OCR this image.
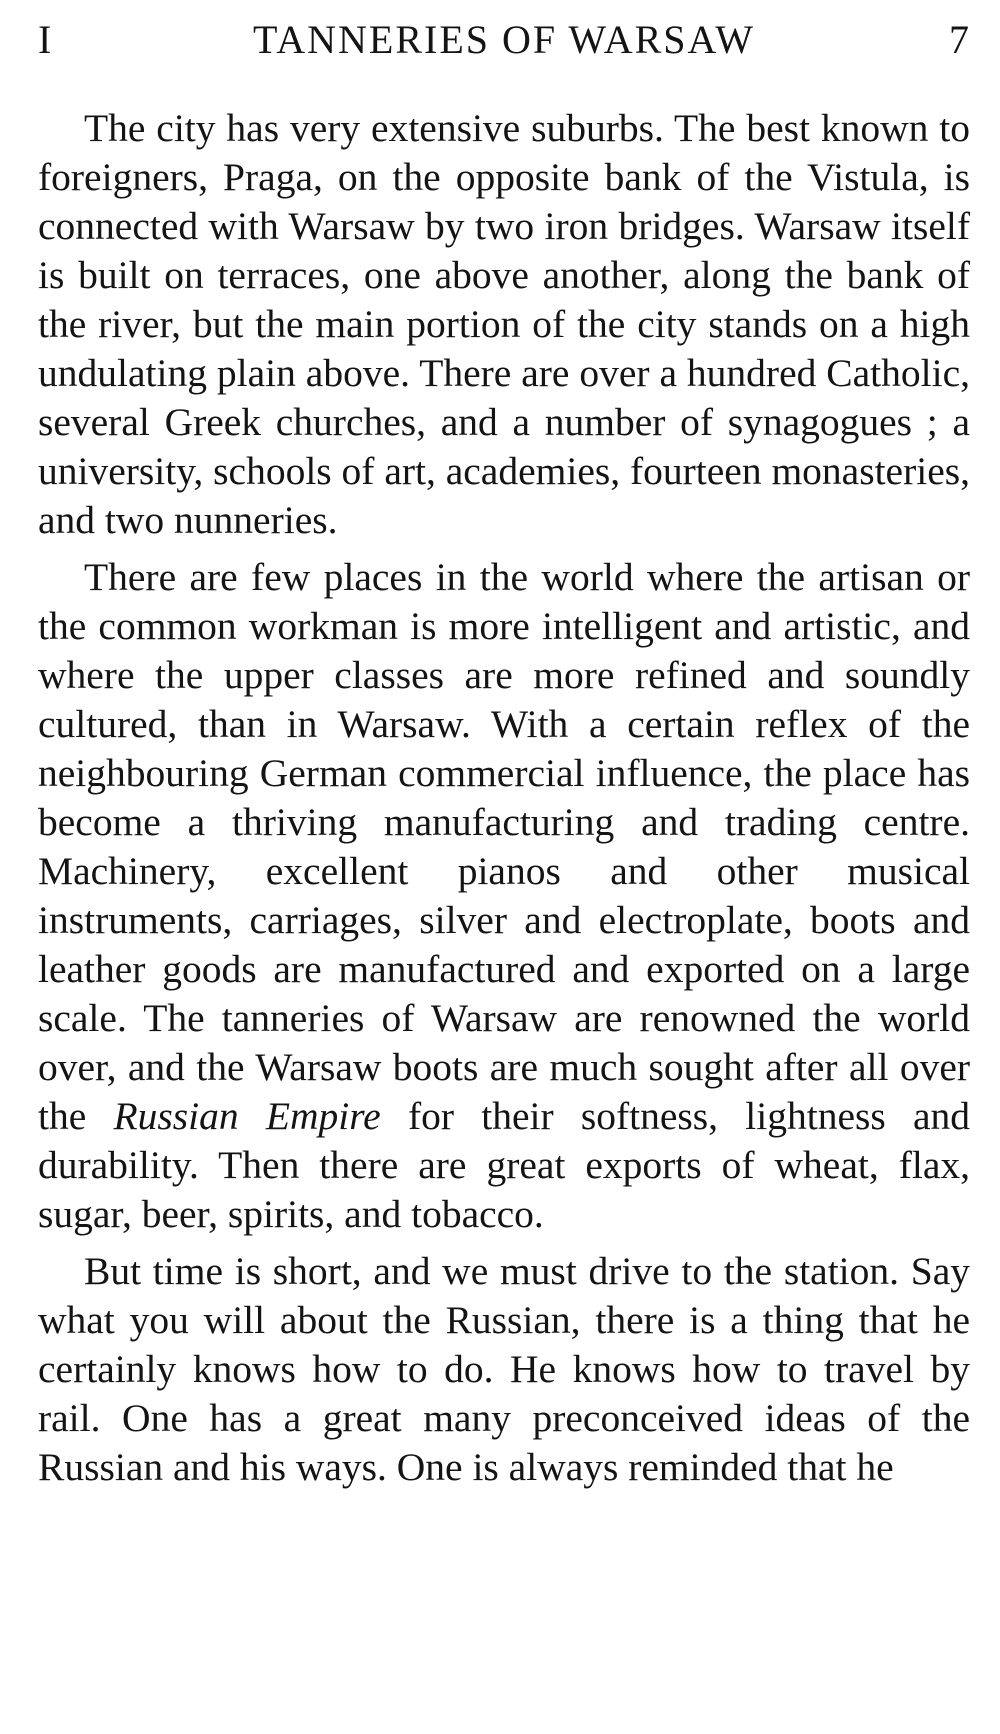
I	TANNERIES OF WARSAW	7

The city has very extensive suburbs. The best known to foreigners, Praga, on the opposite bank of the Vistula, is connected with Warsaw by two iron bridges. Warsaw itself is built on terraces, one above another, along the bank of the river, but the main portion of the city stands on a high undulating plain above. There are over a hundred Catholic, several Greek churches, and a number of synagogues ; a university, schools of art, academies, fourteen monasteries, and two nunneries.

There are few places in the world where the artisan or the common workman is more intelligent and artistic, and where the upper classes are more refined and soundly cultured, than in Warsaw. With a certain reflex of the neighbouring German commercial influence, the place has become a thriving manufacturing and trading centre. Machinery, excellent pianos and other musical instruments, carriages, silver and electroplate, boots and leather goods are manufactured and exported on a large scale. The tanneries of Warsaw are renowned the world over, and the Warsaw boots are much sought after all over the Russian Empire for their softness, lightness and durability. Then there are great exports of wheat, flax, sugar, beer, spirits, and tobacco.

But time is short, and we must drive to the station. Say what you will about the Russian, there is a thing that he certainly knows how to do. He knows how to travel by rail. One has a great many preconceived ideas of the Russian and his ways. One is always reminded that he
